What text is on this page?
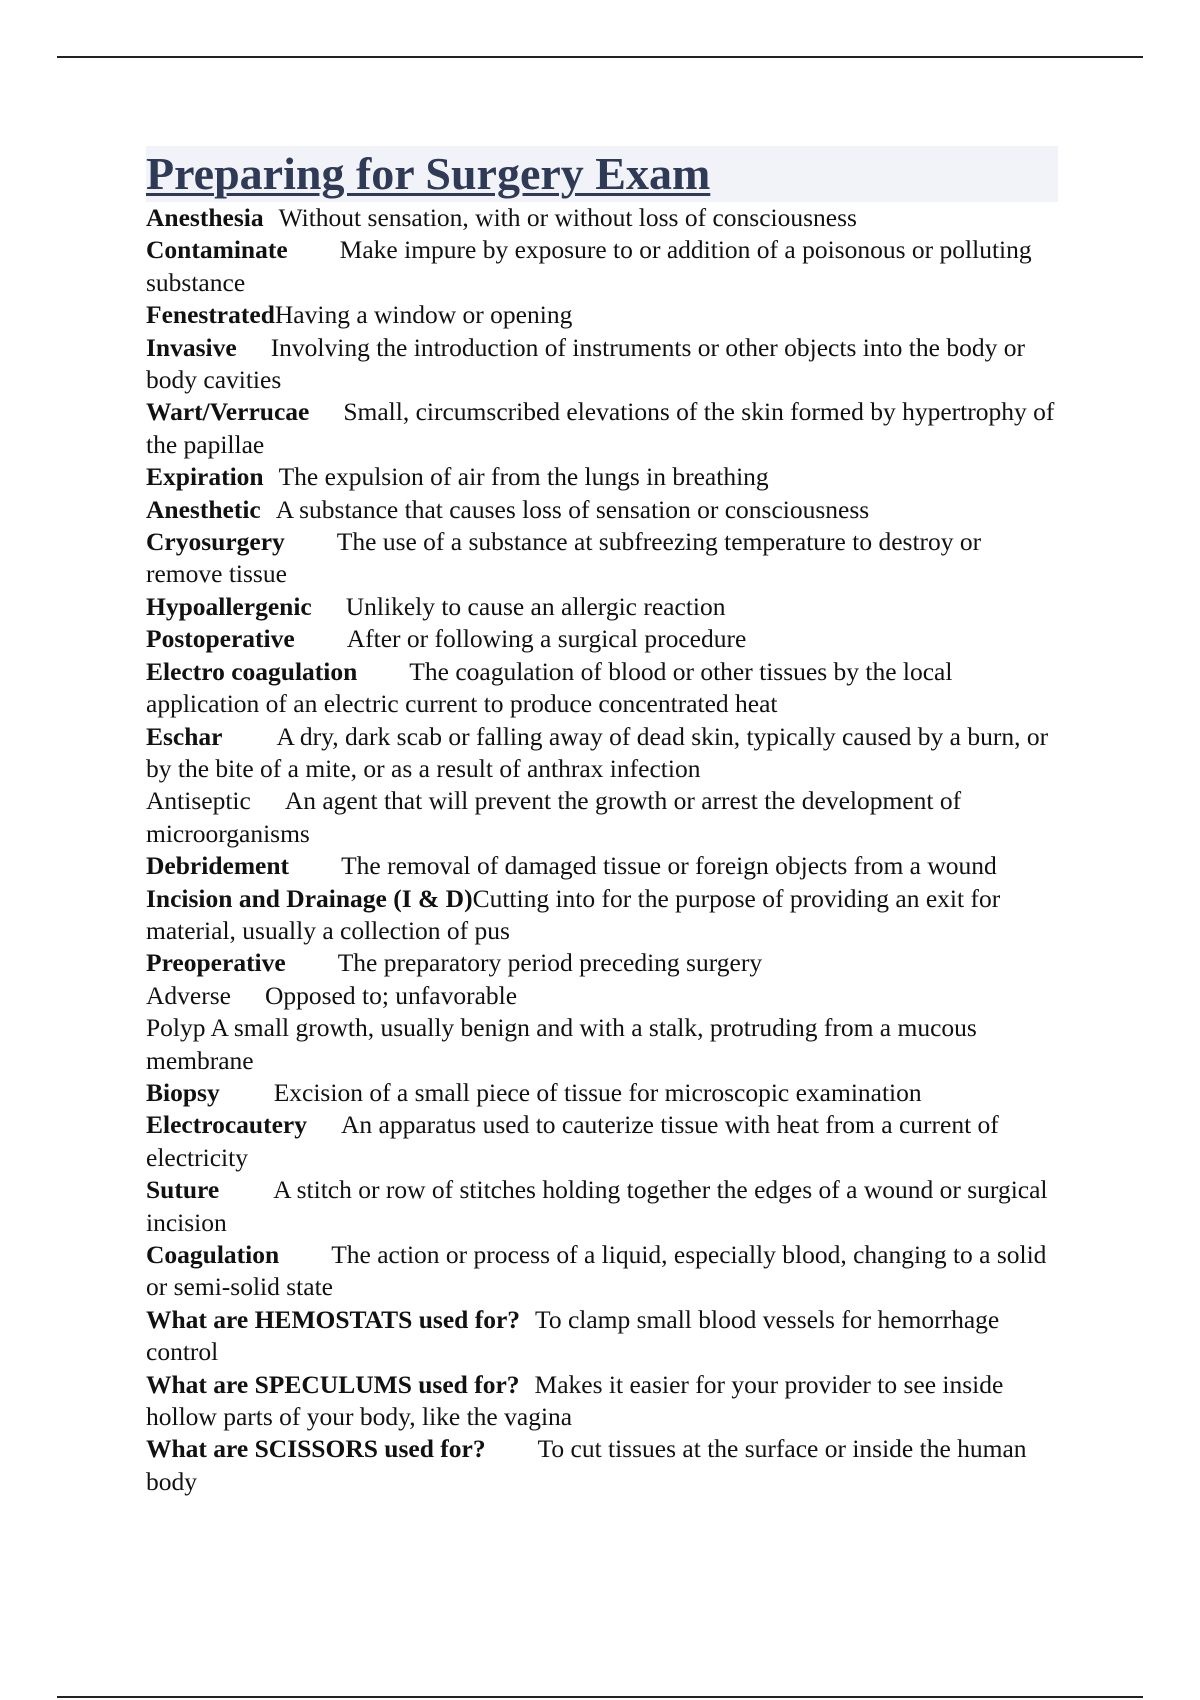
Preparing for Surgery Exam

Anesthesia Without sensation, with or without loss of consciousness

Contaminate Make impure by exposure to or addition of a poisonous or polluting substance

FenestratedHaving a window or opening

Invasive Involving the introduction of instruments or other objects into the body or body cavities

Wart/Verrucae Small, circumscribed elevations of the skin formed by hypertrophy of the papillae

Expiration The expulsion of air from the lungs in breathing

Anesthetic A substance that causes loss of sensation or consciousness

Cryosurgery The use of a substance at subfreezing temperature to destroy or remove tissue

Hypoallergenic Unlikely to cause an allergic reaction

Postoperative After or following a surgical procedure

Electro coagulation The coagulation of blood or other tissues by the local application of an electric current to produce concentrated heat

Eschar A dry, dark scab or falling away of dead skin, typically caused by a burn, or by the bite of a mite, or as a result of anthrax infection

Antiseptic An agent that will prevent the growth or arrest the development of microorganisms

Debridement The removal of damaged tissue or foreign objects from a wound

Incision and Drainage (I & D)Cutting into for the purpose of providing an exit for material, usually a collection of pus

Preoperative The preparatory period preceding surgery

Adverse Opposed to; unfavorable

Polyp A small growth, usually benign and with a stalk, protruding from a mucous membrane

Biopsy Excision of a small piece of tissue for microscopic examination

Electrocautery An apparatus used to cauterize tissue with heat from a current of electricity

Suture A stitch or row of stitches holding together the edges of a wound or surgical incision

Coagulation The action or process of a liquid, especially blood, changing to a solid or semi-solid state

What are HEMOSTATS used for? To clamp small blood vessels for hemorrhage control

What are SPECULUMS used for? Makes it easier for your provider to see inside hollow parts of your body, like the vagina

What are SCISSORS used for? To cut tissues at the surface or inside the human body
